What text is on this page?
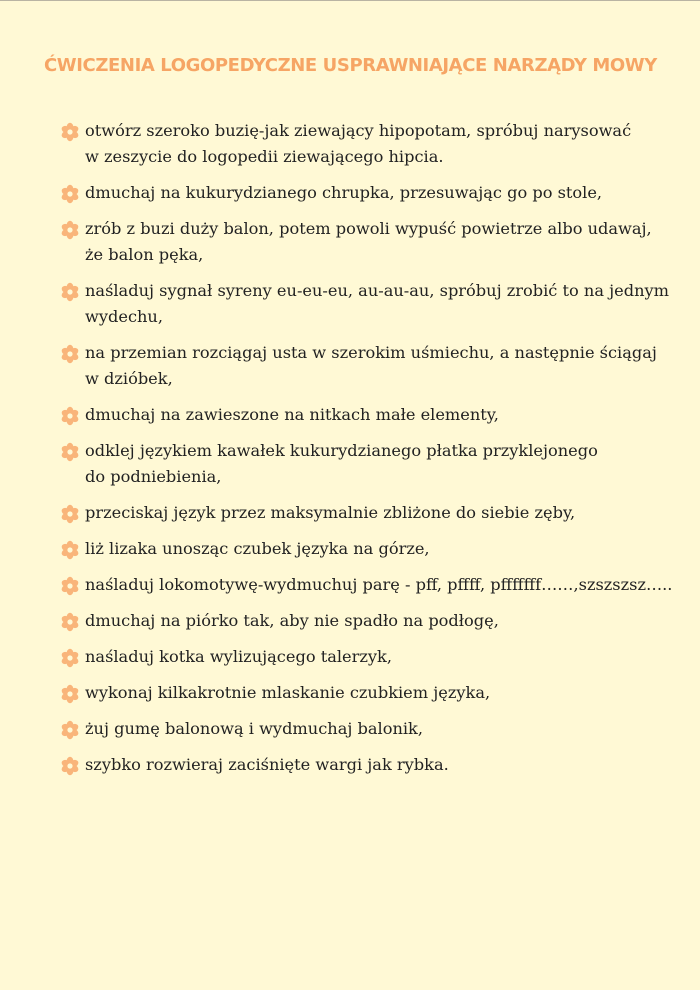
ĆWICZENIA LOGOPEDYCZNE USPRAWNIAJĄCE NARZĄDY MOWY
otwórz szeroko buzię-jak ziewający hipopotam, spróbuj narysować
w zeszycie do logopedii ziewającego hipcia.
dmuchaj na kukurydzianego chrupka, przesuwając go po stole,
zrób z buzi duży balon, potem powoli wypuść powietrze albo udawaj,
że balon pęka,
naśladuj sygnał syreny eu-eu-eu, au-au-au, spróbuj zrobić to na jednym
wydechu,
na przemian rozciągaj usta w szerokim uśmiechu, a następnie ściągaj
w dzióbek,
dmuchaj na zawieszone na nitkach małe elementy,
odklej językiem kawałek kukurydzianego płatka przyklejonego
do podniebienia,
przeciskaj język przez maksymalnie zbliżone do siebie zęby,
liż lizaka unosząc czubek języka na górze,
naśladuj lokomotywę-wydmuchuj parę - pff, pffff, pfffffff……,szszszsz…..
dmuchaj na piórko tak, aby nie spadło na podłogę,
naśladuj kotka wylizującego talerzyk,
wykonaj kilkakrotnie mlaskanie czubkiem języka,
żuj gumę balonową i wydmuchaj balonik,
szybko rozwieraj zaciśnięte wargi jak rybka.
